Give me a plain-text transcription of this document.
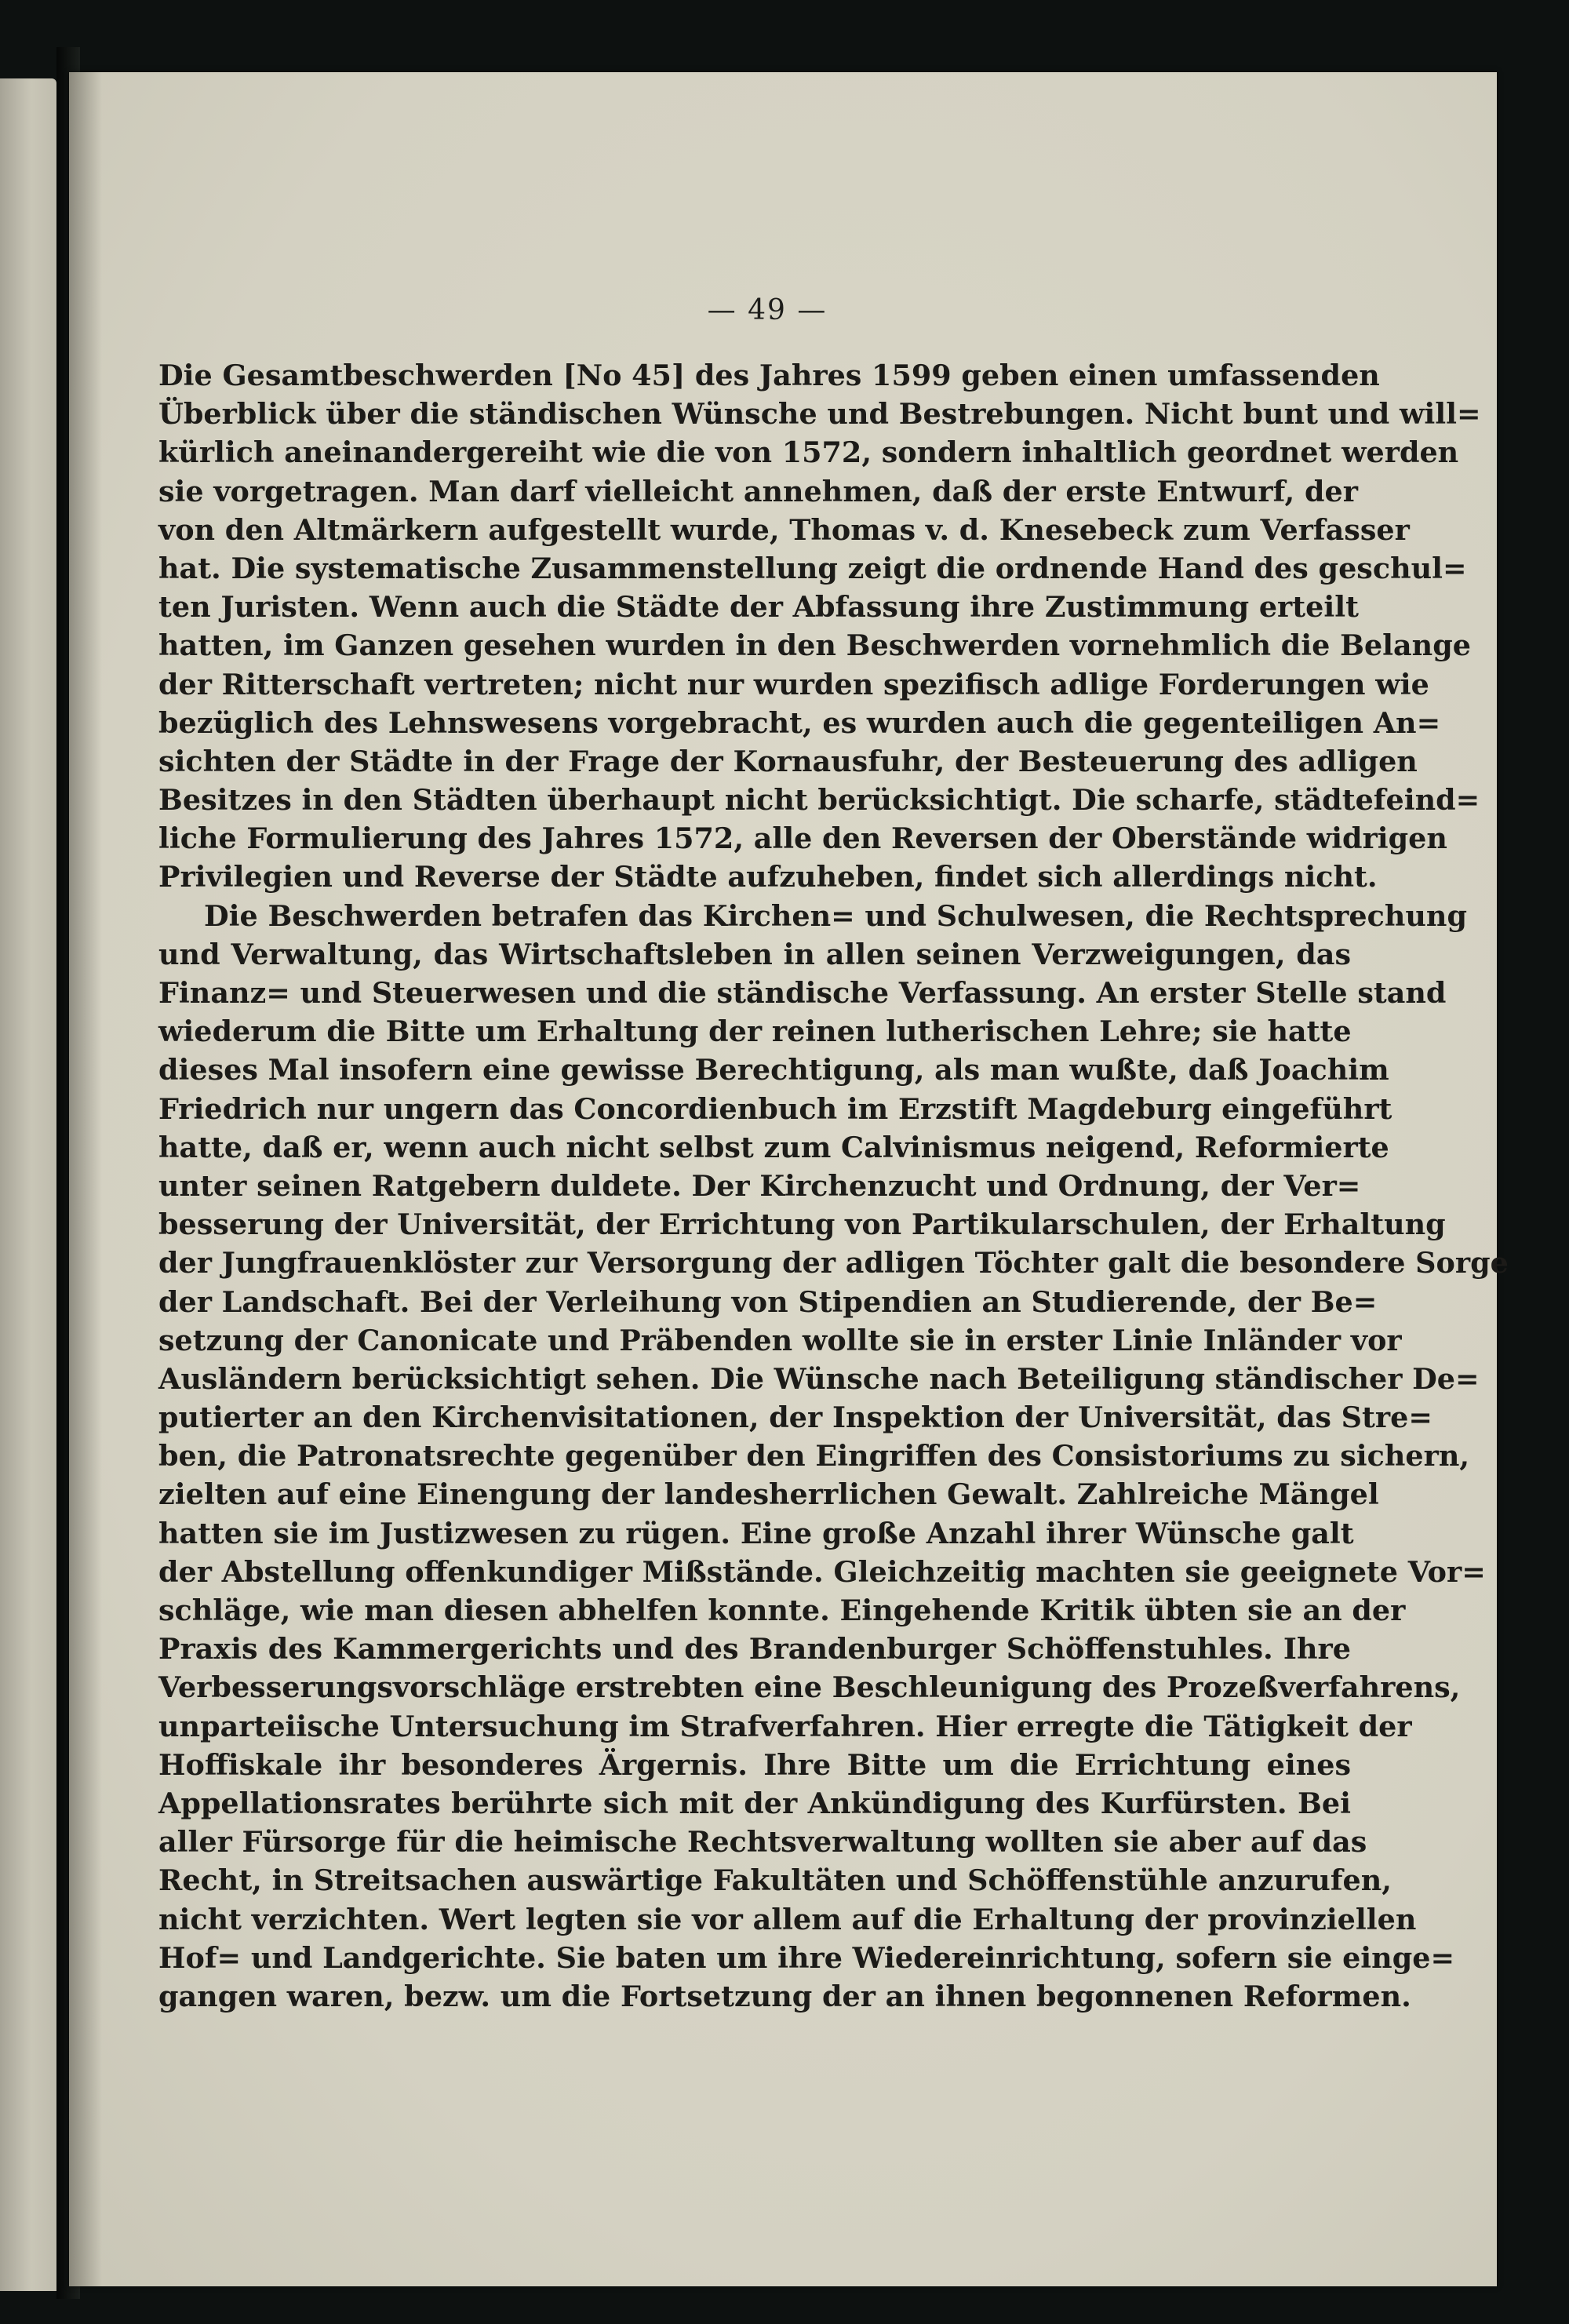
— 49 —
Die Gesamtbeschwerden [No 45] des Jahres 1599 geben einen umfassenden
Überblick über die ständischen Wünsche und Bestrebungen. Nicht bunt und will=
kürlich aneinandergereiht wie die von 1572, sondern inhaltlich geordnet werden
sie vorgetragen. Man darf vielleicht annehmen, daß der erste Entwurf, der
von den Altmärkern aufgestellt wurde, Thomas v. d. Knesebeck zum Verfasser
hat. Die systematische Zusammenstellung zeigt die ordnende Hand des geschul=
ten Juristen. Wenn auch die Städte der Abfassung ihre Zustimmung erteilt
hatten, im Ganzen gesehen wurden in den Beschwerden vornehmlich die Belange
der Ritterschaft vertreten; nicht nur wurden spezifisch adlige Forderungen wie
bezüglich des Lehnswesens vorgebracht, es wurden auch die gegenteiligen An=
sichten der Städte in der Frage der Kornausfuhr, der Besteuerung des adligen
Besitzes in den Städten überhaupt nicht berücksichtigt. Die scharfe, städtefeind=
liche Formulierung des Jahres 1572, alle den Reversen der Oberstände widrigen
Privilegien und Reverse der Städte aufzuheben, findet sich allerdings nicht.
Die Beschwerden betrafen das Kirchen= und Schulwesen, die Rechtsprechung
und Verwaltung, das Wirtschaftsleben in allen seinen Verzweigungen, das
Finanz= und Steuerwesen und die ständische Verfassung. An erster Stelle stand
wiederum die Bitte um Erhaltung der reinen lutherischen Lehre; sie hatte
dieses Mal insofern eine gewisse Berechtigung, als man wußte, daß Joachim
Friedrich nur ungern das Concordienbuch im Erzstift Magdeburg eingeführt
hatte, daß er, wenn auch nicht selbst zum Calvinismus neigend, Reformierte
unter seinen Ratgebern duldete. Der Kirchenzucht und Ordnung, der Ver=
besserung der Universität, der Errichtung von Partikularschulen, der Erhaltung
der Jungfrauenklöster zur Versorgung der adligen Töchter galt die besondere Sorge
der Landschaft. Bei der Verleihung von Stipendien an Studierende, der Be=
setzung der Canonicate und Präbenden wollte sie in erster Linie Inländer vor
Ausländern berücksichtigt sehen. Die Wünsche nach Beteiligung ständischer De=
putierter an den Kirchenvisitationen, der Inspektion der Universität, das Stre=
ben, die Patronatsrechte gegenüber den Eingriffen des Consistoriums zu sichern,
zielten auf eine Einengung der landesherrlichen Gewalt. Zahlreiche Mängel
hatten sie im Justizwesen zu rügen. Eine große Anzahl ihrer Wünsche galt
der Abstellung offenkundiger Mißstände. Gleichzeitig machten sie geeignete Vor=
schläge, wie man diesen abhelfen konnte. Eingehende Kritik übten sie an der
Praxis des Kammergerichts und des Brandenburger Schöffenstuhles. Ihre
Verbesserungsvorschläge erstrebten eine Beschleunigung des Prozeßverfahrens,
unparteiische Untersuchung im Strafverfahren. Hier erregte die Tätigkeit der
Hoffiskale ihr besonderes Ärgernis. Ihre Bitte um die Errichtung eines
Appellationsrates berührte sich mit der Ankündigung des Kurfürsten. Bei
aller Fürsorge für die heimische Rechtsverwaltung wollten sie aber auf das
Recht, in Streitsachen auswärtige Fakultäten und Schöffenstühle anzurufen,
nicht verzichten. Wert legten sie vor allem auf die Erhaltung der provinziellen
Hof= und Landgerichte. Sie baten um ihre Wiedereinrichtung, sofern sie einge=
gangen waren, bezw. um die Fortsetzung der an ihnen begonnenen Reformen.
